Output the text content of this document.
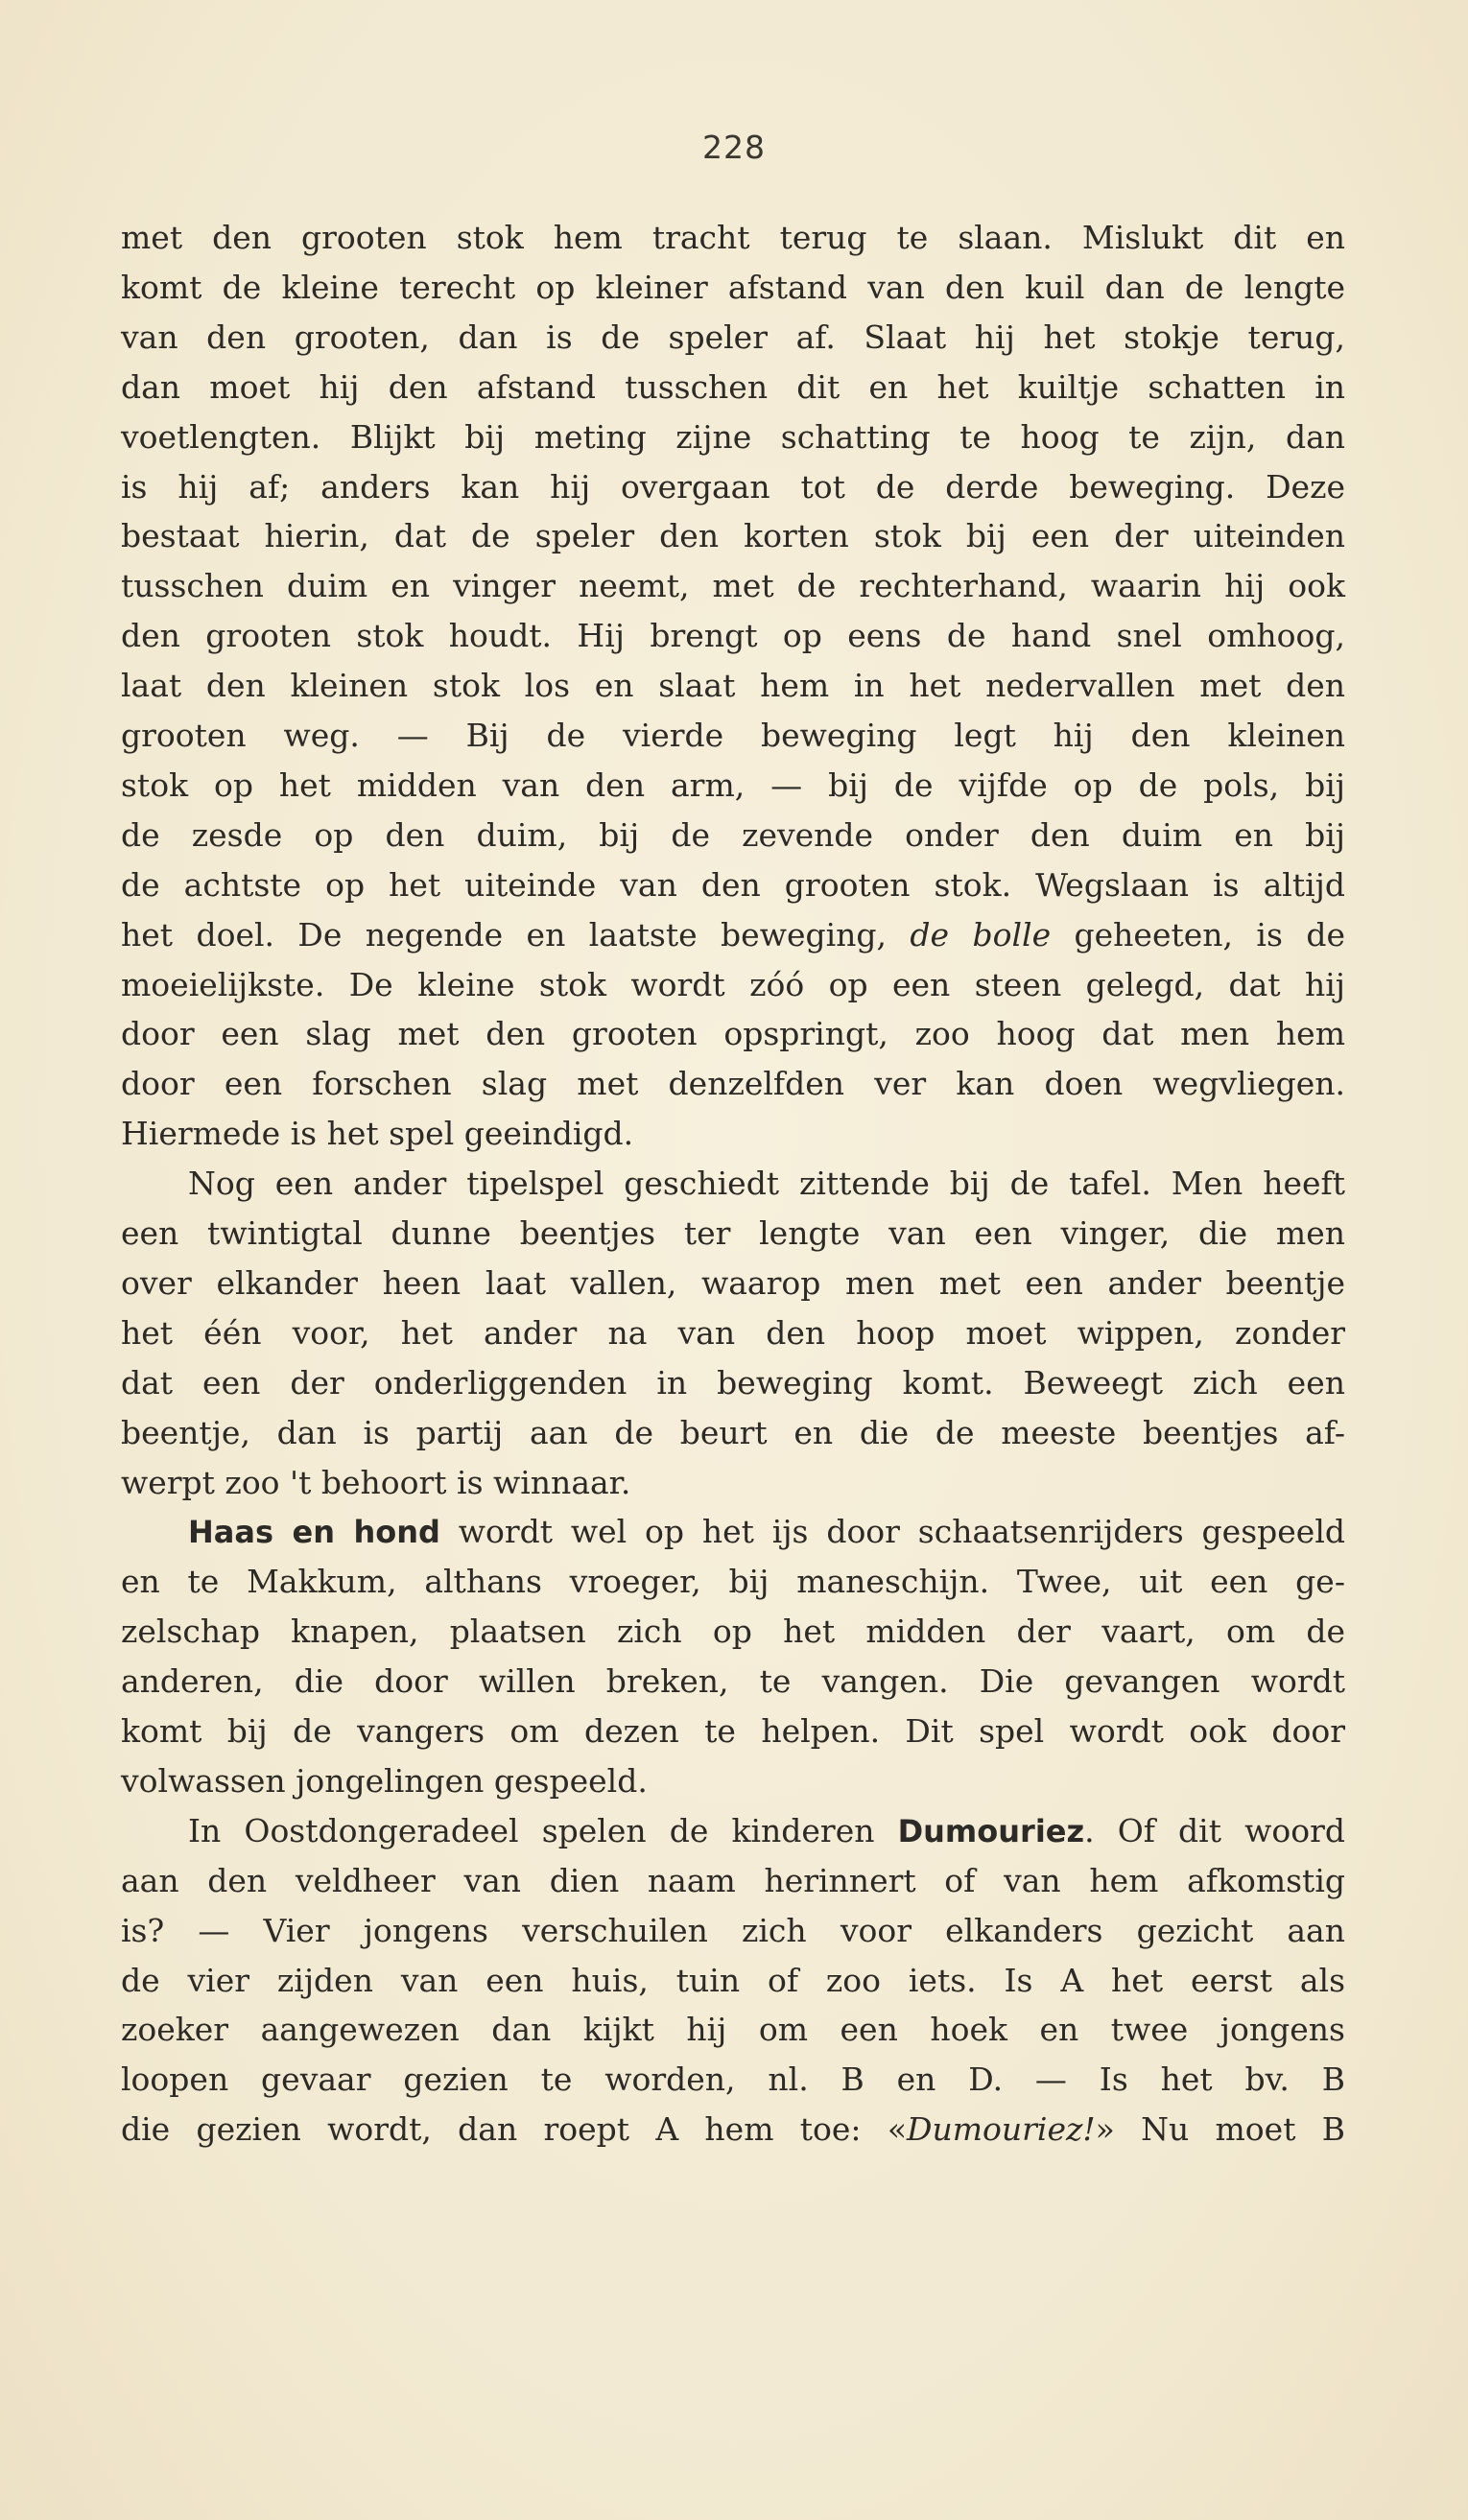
228
met den grooten stok hem tracht terug te slaan. Mislukt dit en
komt de kleine terecht op kleiner afstand van den kuil dan de lengte
van den grooten, dan is de speler af. Slaat hij het stokje terug,
dan moet hij den afstand tusschen dit en het kuiltje schatten in
voetlengten. Blijkt bij meting zijne schatting te hoog te zijn, dan
is hij af; anders kan hij overgaan tot de derde beweging. Deze
bestaat hierin, dat de speler den korten stok bij een der uiteinden
tusschen duim en vinger neemt, met de rechterhand, waarin hij ook
den grooten stok houdt. Hij brengt op eens de hand snel omhoog,
laat den kleinen stok los en slaat hem in het nedervallen met den
grooten weg. — Bij de vierde beweging legt hij den kleinen
stok op het midden van den arm, — bij de vijfde op de pols, bij
de zesde op den duim, bij de zevende onder den duim en bij
de achtste op het uiteinde van den grooten stok. Wegslaan is altijd
het doel. De negende en laatste beweging, de bolle geheeten, is de
moeielijkste. De kleine stok wordt zóó op een steen gelegd, dat hij
door een slag met den grooten opspringt, zoo hoog dat men hem
door een forschen slag met denzelfden ver kan doen wegvliegen.
Hiermede is het spel geeindigd.
Nog een ander tipelspel geschiedt zittende bij de tafel. Men heeft
een twintigtal dunne beentjes ter lengte van een vinger, die men
over elkander heen laat vallen, waarop men met een ander beentje
het één voor, het ander na van den hoop moet wippen, zonder
dat een der onderliggenden in beweging komt. Beweegt zich een
beentje, dan is partij aan de beurt en die de meeste beentjes af-
werpt zoo 't behoort is winnaar.
Haas en hond wordt wel op het ijs door schaatsenrijders gespeeld
en te Makkum, althans vroeger, bij maneschijn. Twee, uit een ge-
zelschap knapen, plaatsen zich op het midden der vaart, om de
anderen, die door willen breken, te vangen. Die gevangen wordt
komt bij de vangers om dezen te helpen. Dit spel wordt ook door
volwassen jongelingen gespeeld.
In Oostdongeradeel spelen de kinderen Dumouriez. Of dit woord
aan den veldheer van dien naam herinnert of van hem afkomstig
is? — Vier jongens verschuilen zich voor elkanders gezicht aan
de vier zijden van een huis, tuin of zoo iets. Is A het eerst als
zoeker aangewezen dan kijkt hij om een hoek en twee jongens
loopen gevaar gezien te worden, nl. B en D. — Is het bv. B
die gezien wordt, dan roept A hem toe: «Dumouriez!» Nu moet B
